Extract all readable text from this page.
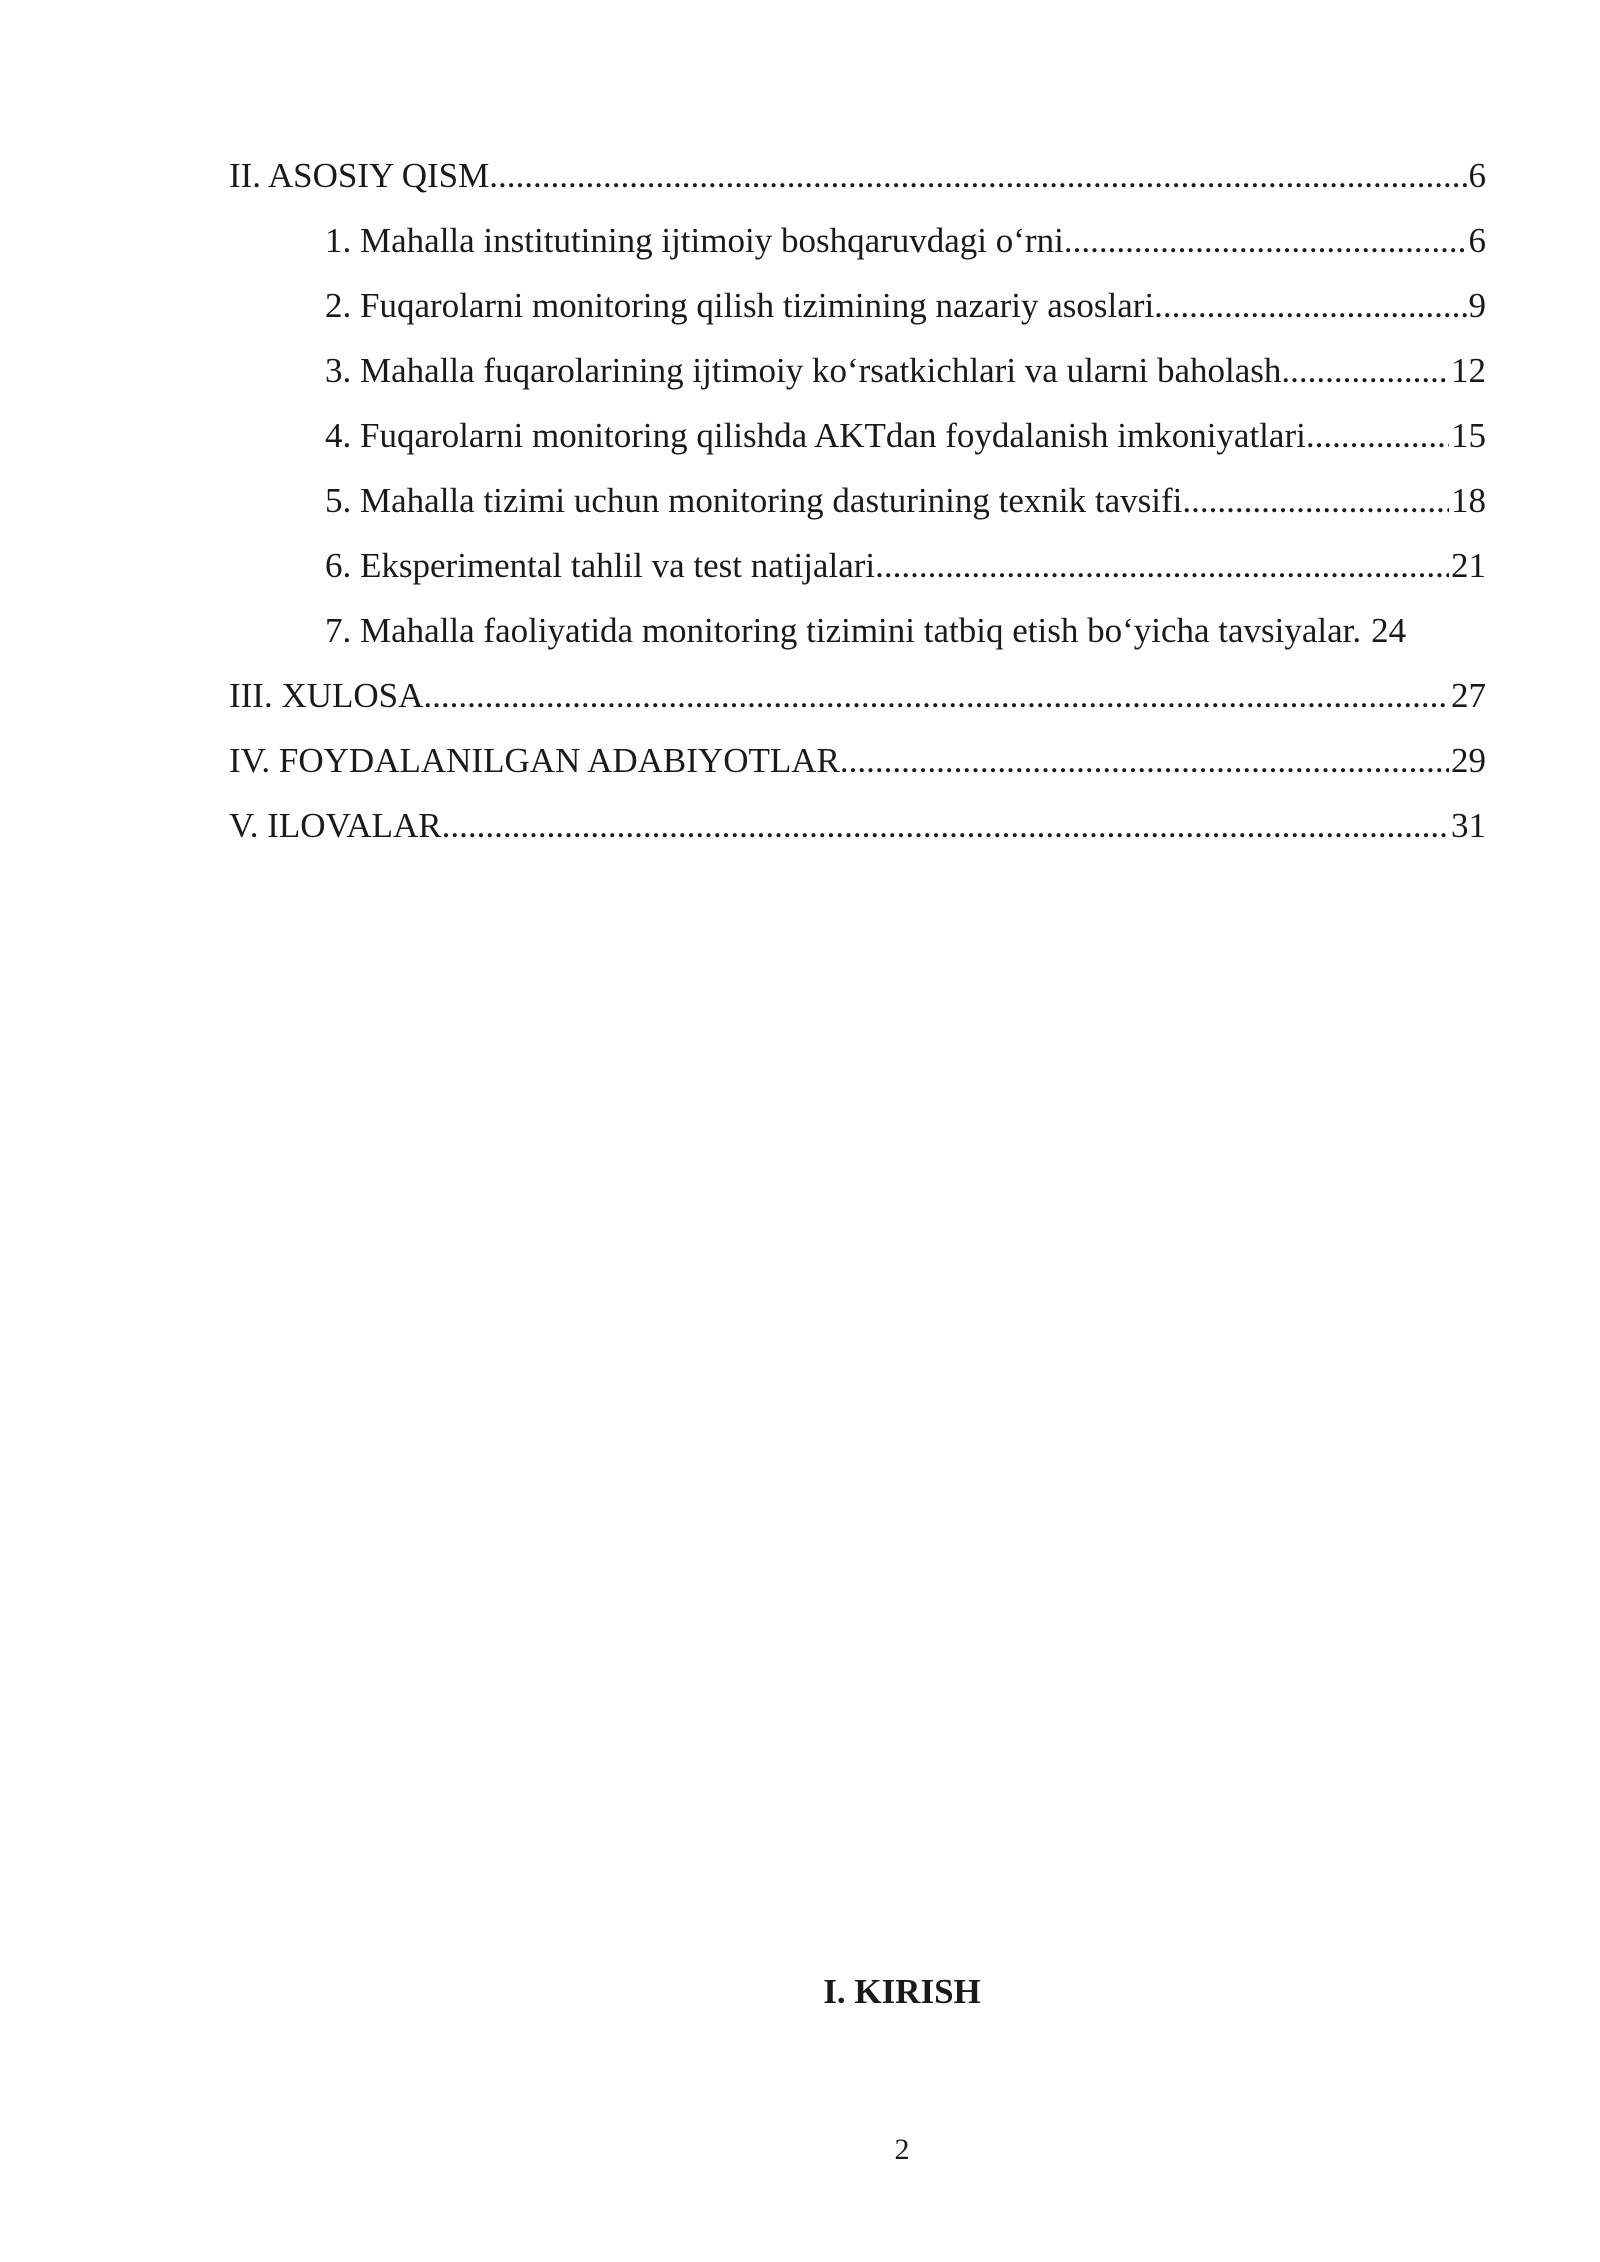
II. ASOSIY QISM .....	6
1. Mahalla institutining ijtimoiy boshqaruvdagi o‘rni .....	6
2. Fuqarolarni monitoring qilish tizimining nazariy asoslari .....	9
3. Mahalla fuqarolarining ijtimoiy ko‘rsatkichlari va ularni baholash .....	12
4. Fuqarolarni monitoring qilishda AKTdan foydalanish imkoniyatlari .....	15
5. Mahalla tizimi uchun monitoring dasturining texnik tavsifi .....	18
6. Eksperimental tahlil va test natijalari .....	21
7. Mahalla faoliyatida monitoring tizimini tatbiq etish bo‘yicha tavsiyalar. 24
III. XULOSA .....	27
IV. FOYDALANILGAN ADABIYOTLAR .....	29
V. ILOVALAR .....	31
I. KIRISH
2
